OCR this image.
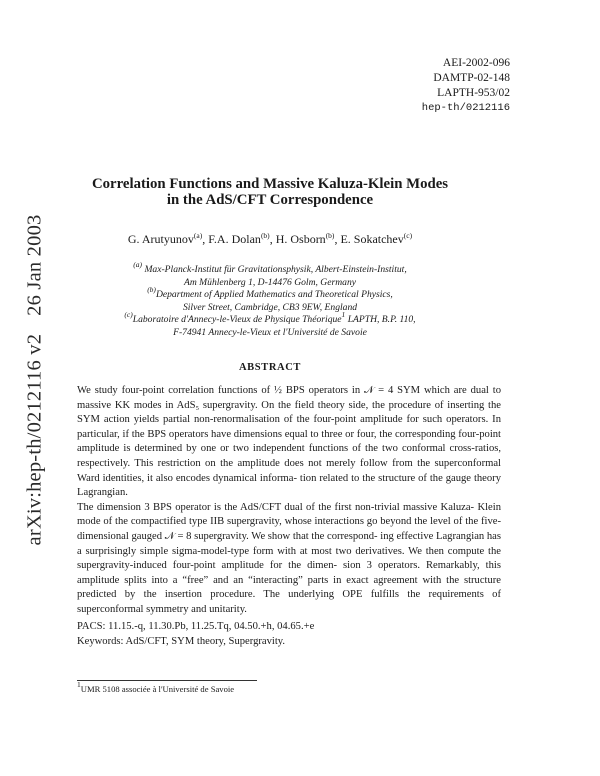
arXiv:hep-th/0212116 v226 Jan 2003
AEI-2002-096
DAMTP-02-148
LAPTH-953/02
hep-th/0212116
Correlation Functions and Massive Kaluza-Klein Modes
in the AdS/CFT Correspondence
G. Arutyunov$^{(a)}$, F.A. Dolan$^{(b)}$, H. Osborn$^{(b)}$, E. Sokatchev$^{(c)}$
$^{(a)}$ Max-Planck-Institut für Gravitationsphysik, Albert-Einstein-Institut,
Am Mühlenberg 1, D-14476 Golm, Germany
$^{(b)}$Department of Applied Mathematics and Theoretical Physics,
Silver Street, Cambridge, CB3 9EW, England
$^{(c)}$Laboratoire d'Annecy-le-Vieux de Physique Théorique$^1$ LAPTH, B.P. 110,
F-74941 Annecy-le-Vieux et l'Université de Savoie
ABSTRACT

We study four-point correlation functions of ½ BPS operators in 𝒩 = 4 SYM which are dual to massive KK modes in AdS₅ supergravity. On the field theory side, the procedure of inserting the SYM action yields partial non-renormalisation of the four-point amplitude for such operators. In particular, if the BPS operators have dimensions equal to three or four, the corresponding four-point amplitude is determined by one or two independent functions of the two conformal cross-ratios, respectively. This restriction on the amplitude does not merely follow from the superconformal Ward identities, it also encodes dynamical informa- tion related to the structure of the gauge theory Lagrangian.

The dimension 3 BPS operator is the AdS/CFT dual of the first non-trivial massive Kaluza- Klein mode of the compactified type IIB supergravity, whose interactions go beyond the level of the five-dimensional gauged 𝒩 = 8 supergravity. We show that the correspond- ing effective Lagrangian has a surprisingly simple sigma-model-type form with at most two derivatives. We then compute the supergravity-induced four-point amplitude for the dimen- sion 3 operators. Remarkably, this amplitude splits into a “free” and an “interacting” parts in exact agreement with the structure predicted by the insertion procedure. The underlying OPE fulfills the requirements of superconformal symmetry and unitarity.

PACS: 11.15.-q, 11.30.Pb, 11.25.Tq, 04.50.+h, 04.65.+e
Keywords: AdS/CFT, SYM theory, Supergravity.
$^1$UMR 5108 associée à l'Université de Savoie
